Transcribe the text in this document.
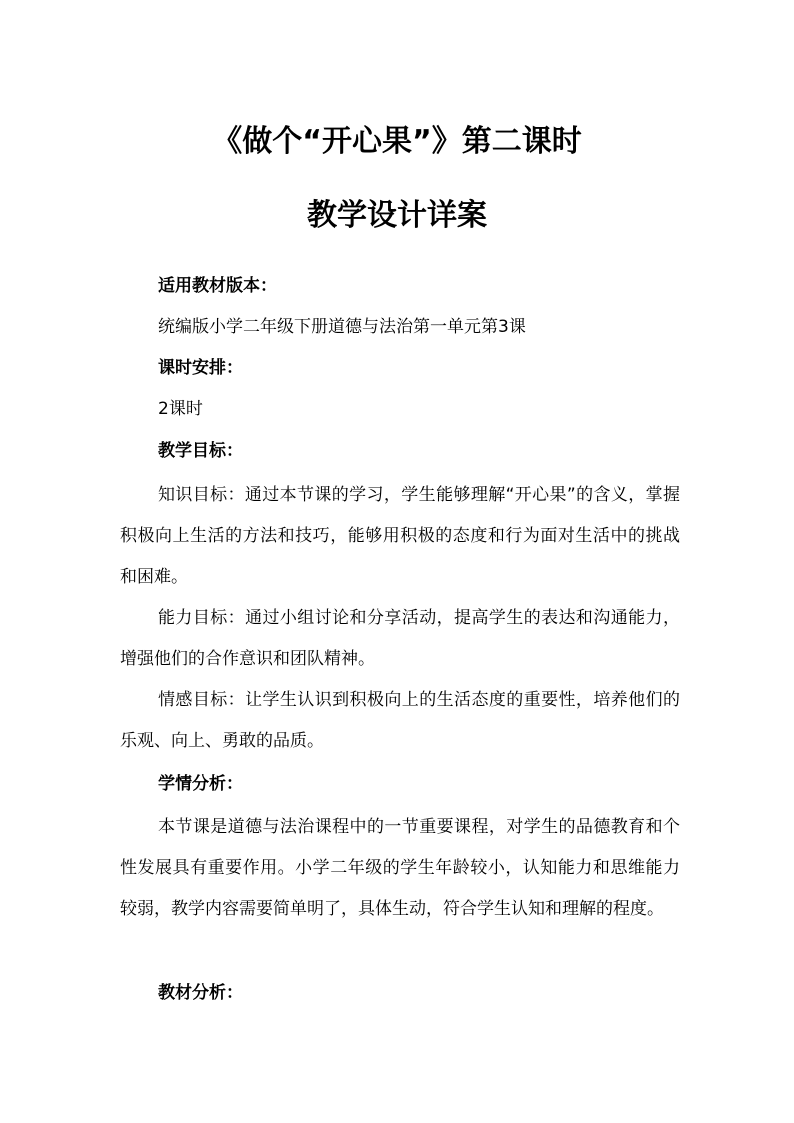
《做个“开心果”》第二课时
教学设计详案
适用教材版本：
统编版小学二年级下册道德与法治第一单元第3课
课时安排：
2课时
教学目标：

知识目标：通过本节课的学习，学生能够理解“开心果”的含义，掌握积极向上生活的方法和技巧，能够用积极的态度和行为面对生活中的挑战和困难。

能力目标：通过小组讨论和分享活动，提高学生的表达和沟通能力，增强他们的合作意识和团队精神。

情感目标：让学生认识到积极向上的生活态度的重要性，培养他们的乐观、向上、勇敢的品质。

学情分析：

本节课是道德与法治课程中的一节重要课程，对学生的品德教育和个性发展具有重要作用。小学二年级的学生年龄较小，认知能力和思维能力较弱，教学内容需要简单明了，具体生动，符合学生认知和理解的程度。

教材分析：
